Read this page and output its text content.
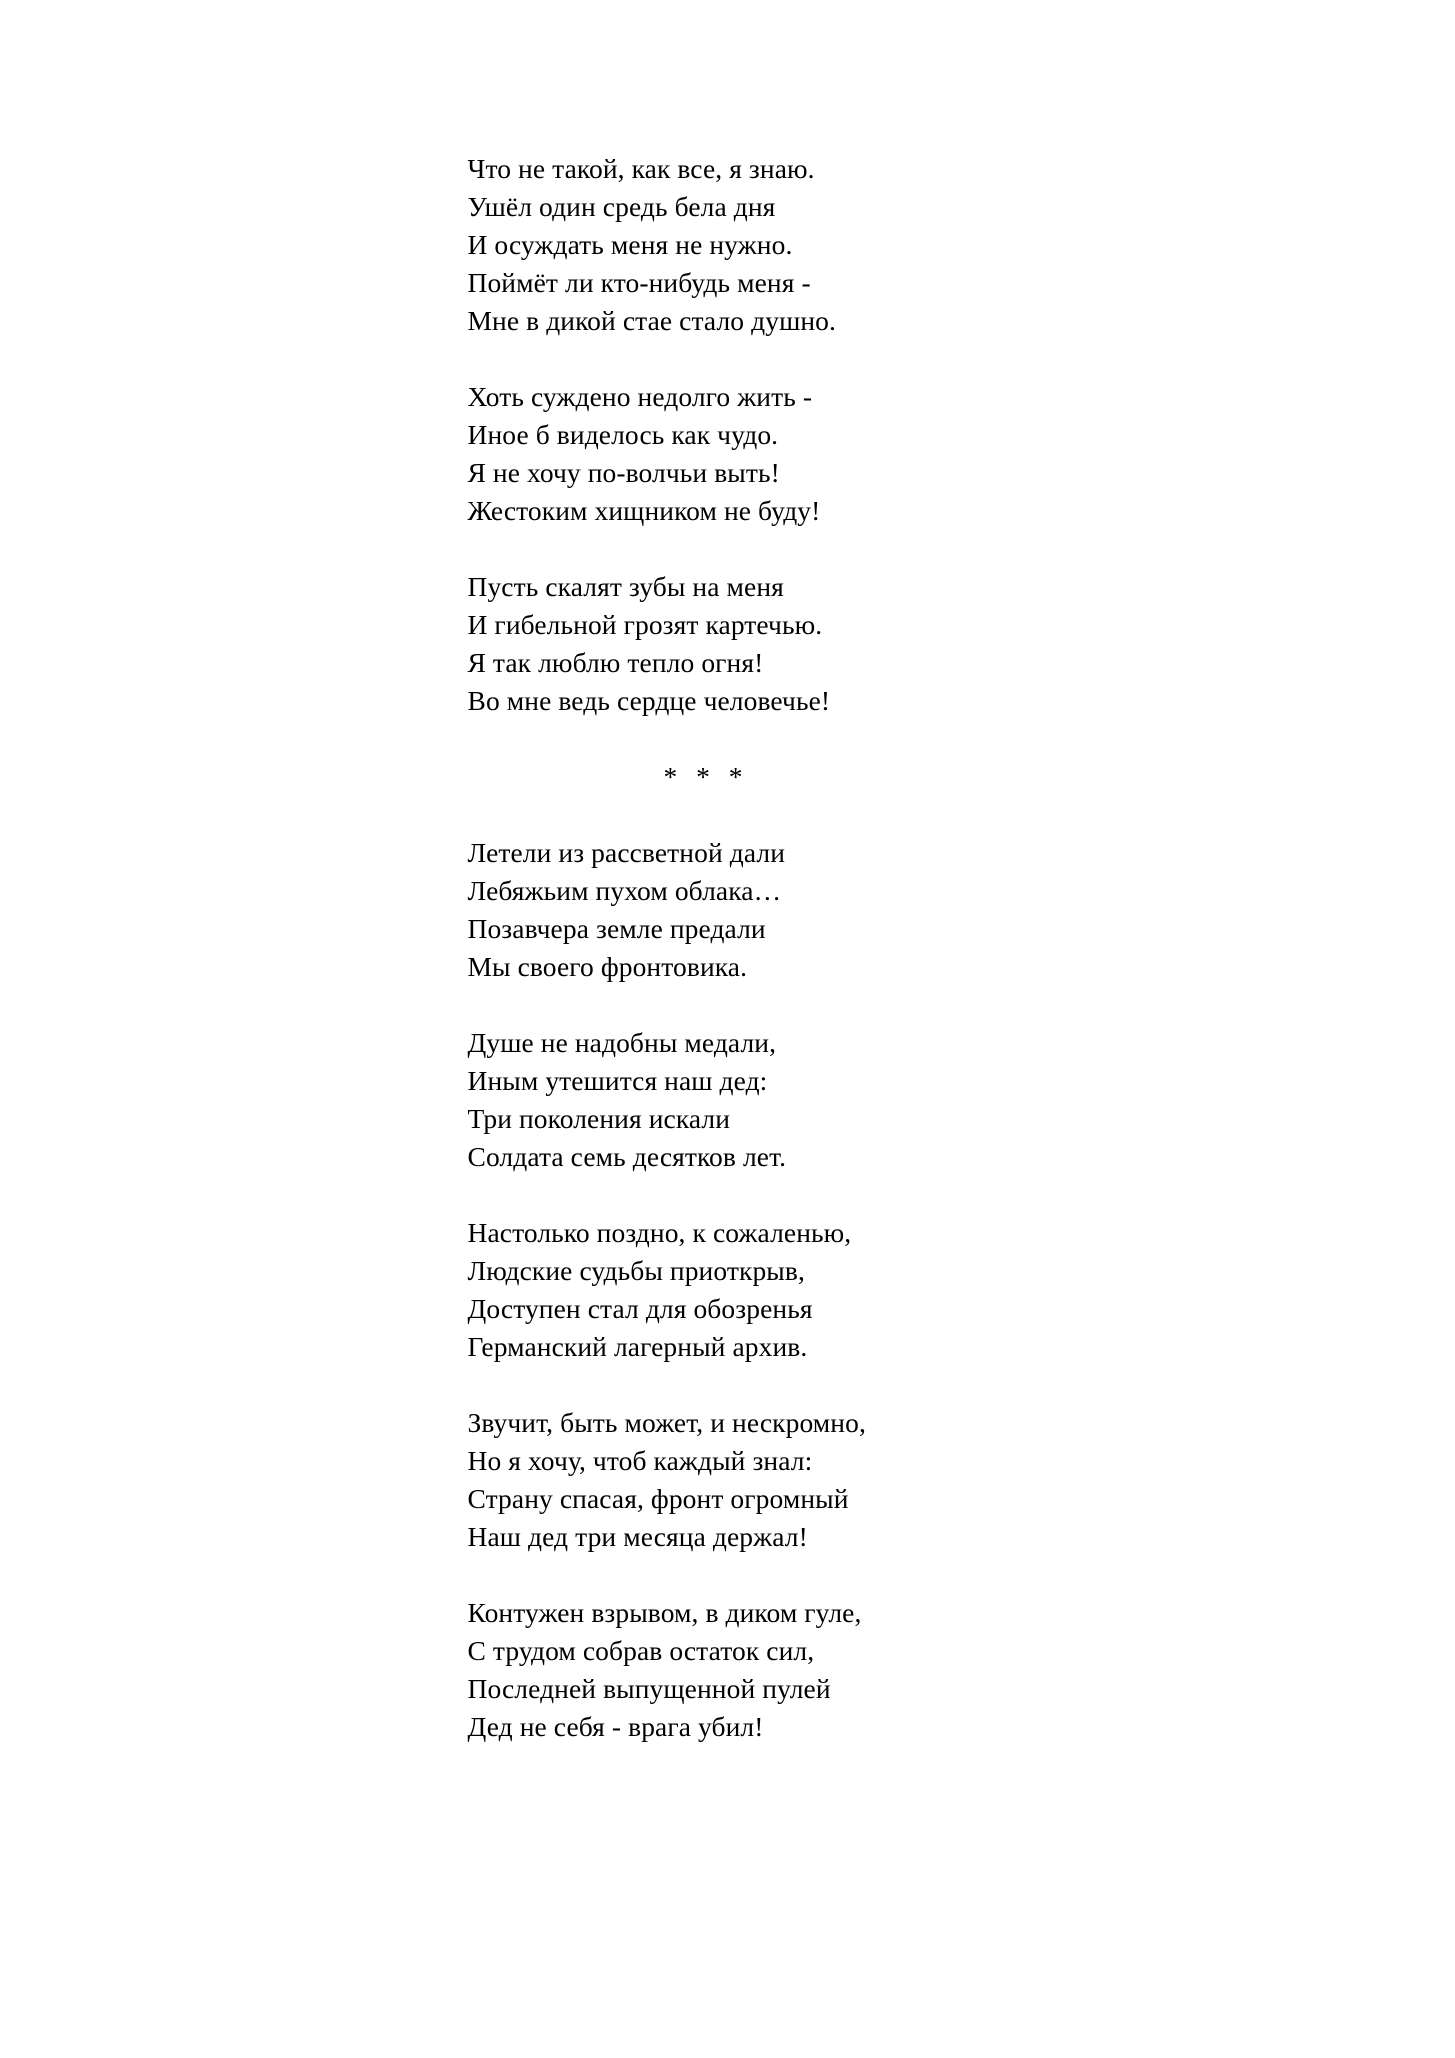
Что не такой, как все, я знаю.
Ушёл один средь бела дня
И осуждать меня не нужно.
Поймёт ли кто-нибудь меня -
Мне в дикой стае стало душно.
Хоть суждено недолго жить -
Иное б виделось как чудо.
Я не хочу по-волчьи выть!
Жестоким хищником не буду!
Пусть скалят зубы на меня
И гибельной грозят картечью.
Я так люблю тепло огня!
Во мне ведь сердце человечье!
* * *
Летели из рассветной дали
Лебяжьим пухом облака…
Позавчера земле предали
Мы своего фронтовика.
Душе не надобны медали,
Иным утешится наш дед:
Три поколения искали
Солдата семь десятков лет.
Настолько поздно, к сожаленью,
Людские судьбы приоткрыв,
Доступен стал для обозренья
Германский лагерный архив.
Звучит, быть может, и нескромно,
Но я хочу, чтоб каждый знал:
Страну спасая, фронт огромный
Наш дед три месяца держал!
Контужен взрывом, в диком гуле,
С трудом собрав остаток сил,
Последней выпущенной пулей
Дед не себя - врага убил!
